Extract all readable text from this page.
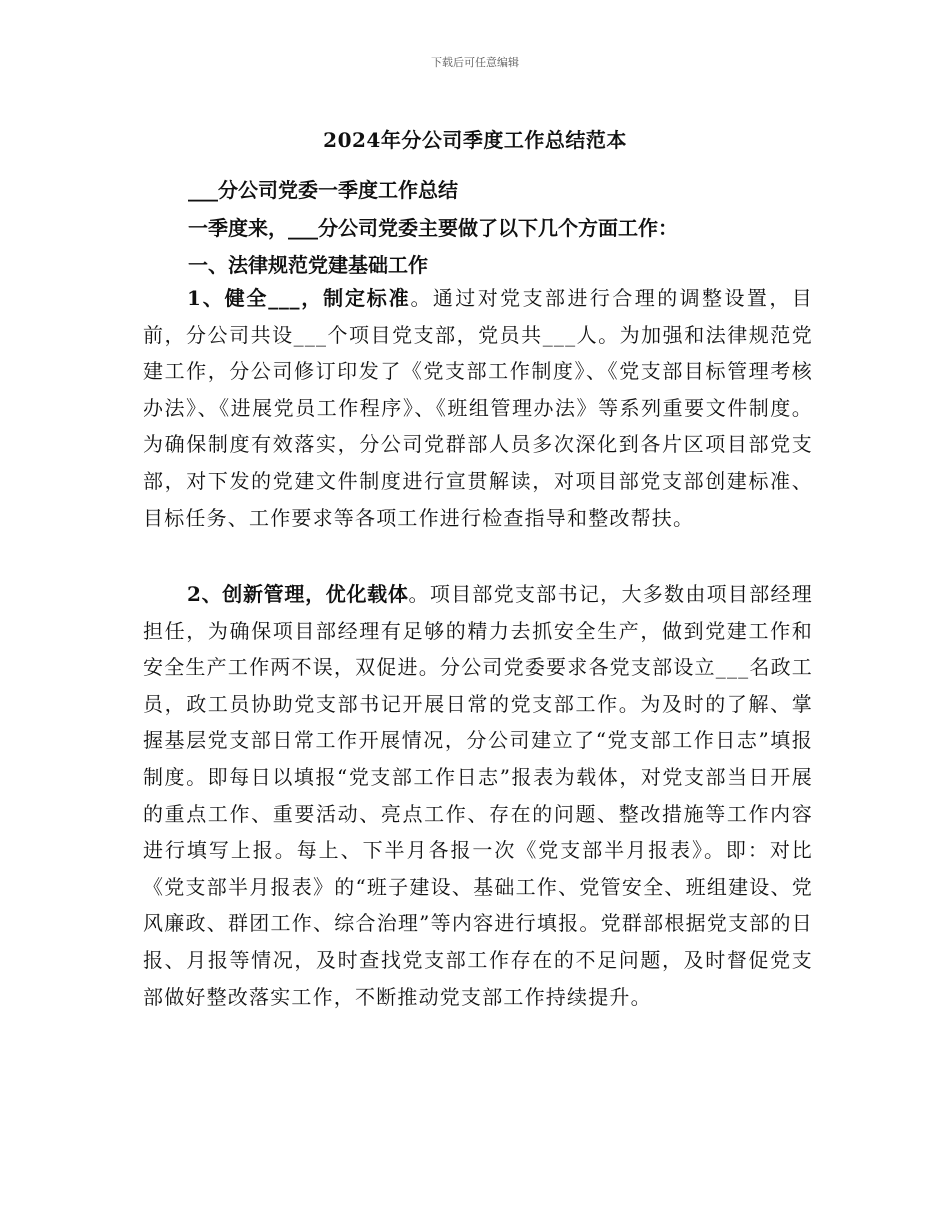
下载后可任意编辑
2024年分公司季度工作总结范本
___分公司党委一季度工作总结
一季度来，___分公司党委主要做了以下几个方面工作：
一、法律规范党建基础工作
1、健全___，制定标准。通过对党支部进行合理的调整设置，目前，分公司共设___个项目党支部，党员共___人。为加强和法律规范党建工作，分公司修订印发了《党支部工作制度》、《党支部目标管理考核办法》、《进展党员工作程序》、《班组管理办法》等系列重要文件制度。为确保制度有效落实，分公司党群部人员多次深化到各片区项目部党支部，对下发的党建文件制度进行宣贯解读，对项目部党支部创建标准、目标任务、工作要求等各项工作进行检查指导和整改帮扶。
2、创新管理，优化载体。项目部党支部书记，大多数由项目部经理担任，为确保项目部经理有足够的精力去抓安全生产，做到党建工作和安全生产工作两不误，双促进。分公司党委要求各党支部设立___名政工员，政工员协助党支部书记开展日常的党支部工作。为及时的了解、掌握基层党支部日常工作开展情况，分公司建立了“党支部工作日志”填报制度。即每日以填报“党支部工作日志”报表为载体，对党支部当日开展的重点工作、重要活动、亮点工作、存在的问题、整改措施等工作内容进行填写上报。每上、下半月各报一次《党支部半月报表》。即：对比《党支部半月报表》的“班子建设、基础工作、党管安全、班组建设、党风廉政、群团工作、综合治理”等内容进行填报。党群部根据党支部的日报、月报等情况，及时查找党支部工作存在的不足问题，及时督促党支部做好整改落实工作，不断推动党支部工作持续提升。
